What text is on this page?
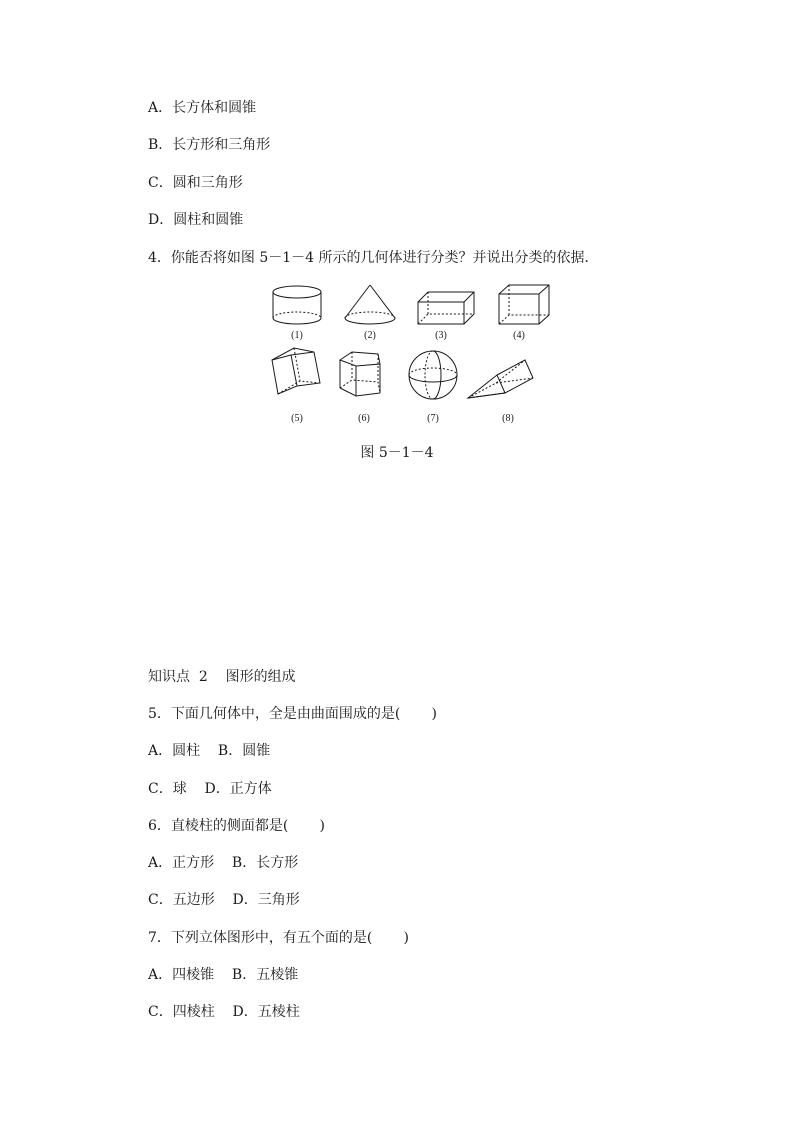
A．长方体和圆锥
B．长方形和三角形
C．圆和三角形
D．圆柱和圆锥
4．你能否将如图 5－1－4 所示的几何体进行分类？并说出分类的依据．
(1)	(2)	(3)	(4)
(5)	(6)	(7)	(8)
图 5－1－4
知识点  2    图形的组成
5．下面几何体中，全是由曲面围成的是(       )
A．圆柱    B．圆锥
C．球    D．正方体
6．直棱柱的侧面都是(       )
A．正方形    B．长方形
C．五边形    D．三角形
7．下列立体图形中，有五个面的是(       )
A．四棱锥    B．五棱锥
C．四棱柱    D．五棱柱
